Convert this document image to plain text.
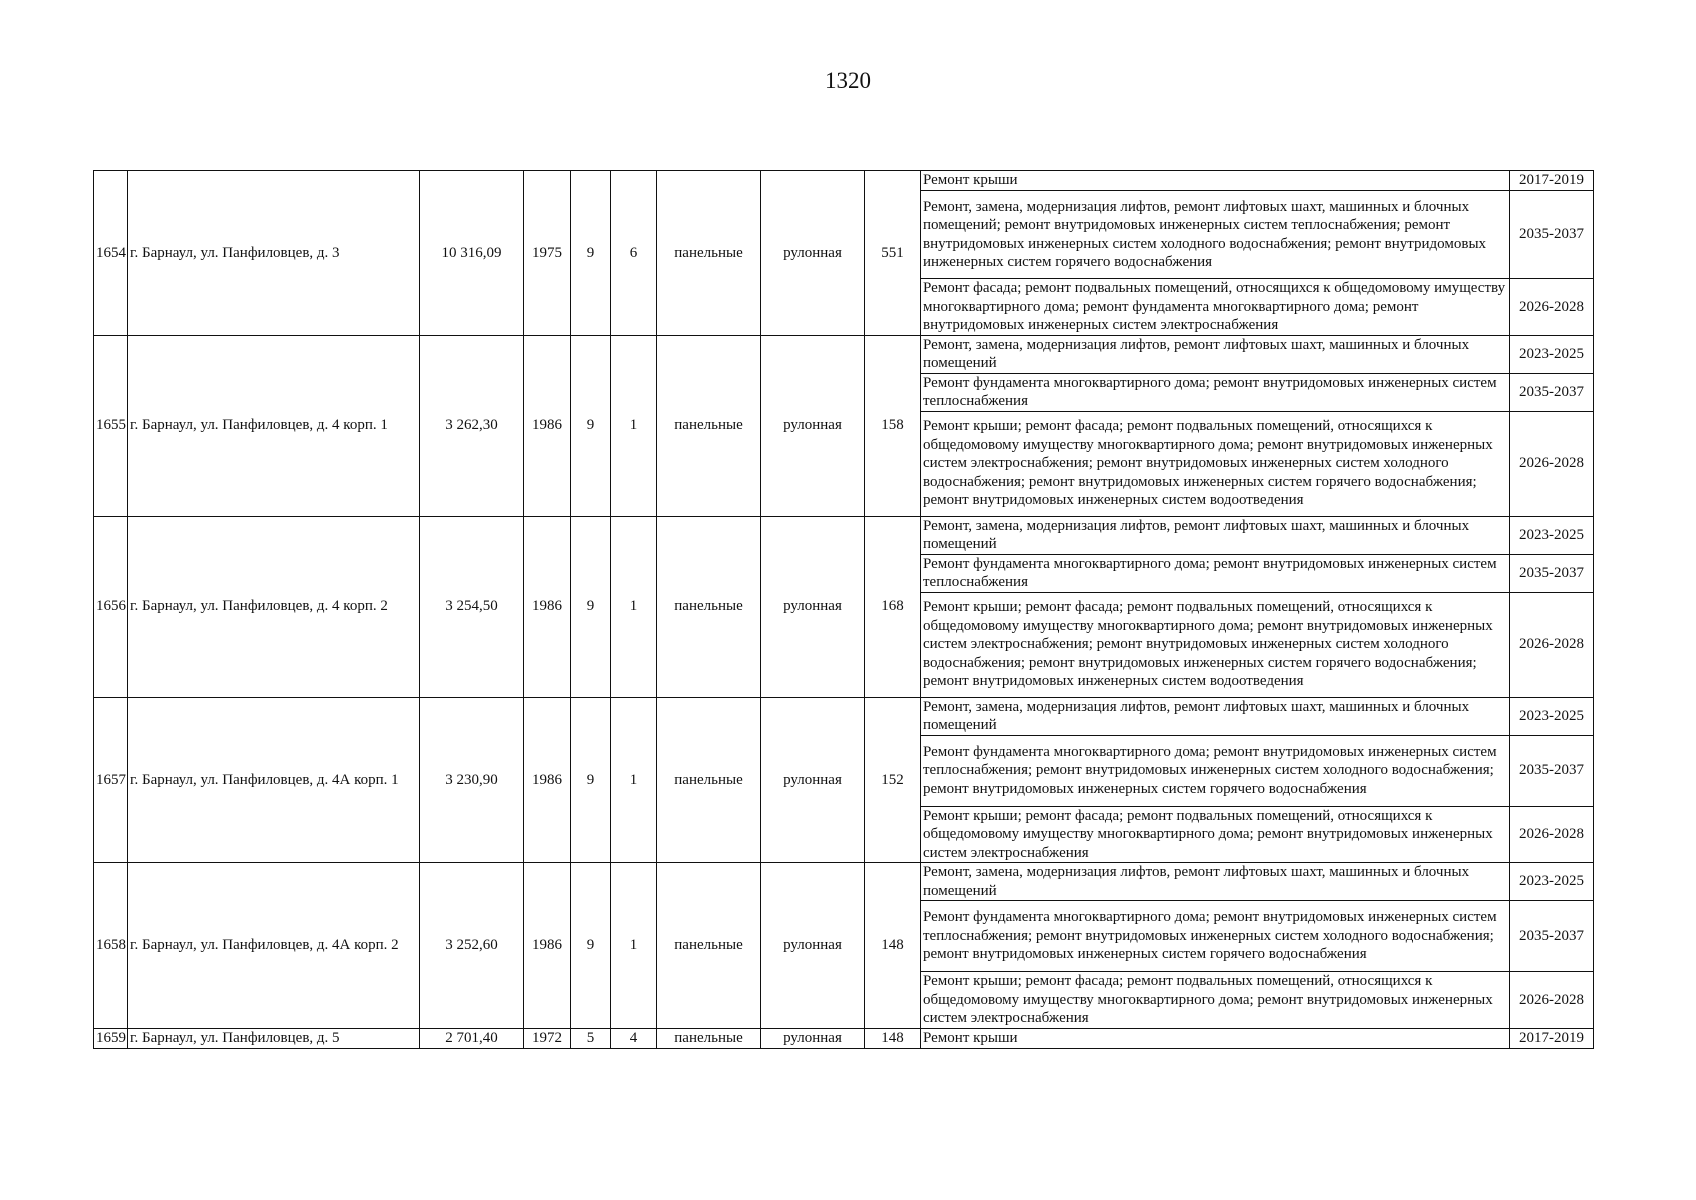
1320
1654	г. Барнаул, ул. Панфиловцев, д. 3	10 316,09	1975	9	6	панельные	рулонная	551	Ремонт крыши	2017-2019
									Ремонт, замена, модернизация лифтов, ремонт лифтовых шахт, машинных и блочных помещений; ремонт внутридомовых инженерных систем теплоснабжения; ремонт внутридомовых инженерных систем холодного водоснабжения; ремонт внутридомовых инженерных систем горячего водоснабжения	2035-2037
									Ремонт фасада; ремонт подвальных помещений, относящихся к общедомовому имуществу многоквартирного дома; ремонт фундамента многоквартирного дома; ремонт внутридомовых инженерных систем электроснабжения	2026-2028
1655	г. Барнаул, ул. Панфиловцев, д. 4 корп. 1	3 262,30	1986	9	1	панельные	рулонная	158	Ремонт, замена, модернизация лифтов, ремонт лифтовых шахт, машинных и блочных помещений	2023-2025
									Ремонт фундамента многоквартирного дома; ремонт внутридомовых инженерных систем теплоснабжения	2035-2037
									Ремонт крыши; ремонт фасада; ремонт подвальных помещений, относящихся к общедомовому имуществу многоквартирного дома; ремонт внутридомовых инженерных систем электроснабжения; ремонт внутридомовых инженерных систем холодного водоснабжения; ремонт внутридомовых инженерных систем горячего водоснабжения; ремонт внутридомовых инженерных систем водоотведения	2026-2028
1656	г. Барнаул, ул. Панфиловцев, д. 4 корп. 2	3 254,50	1986	9	1	панельные	рулонная	168	Ремонт, замена, модернизация лифтов, ремонт лифтовых шахт, машинных и блочных помещений	2023-2025
									Ремонт фундамента многоквартирного дома; ремонт внутридомовых инженерных систем теплоснабжения	2035-2037
									Ремонт крыши; ремонт фасада; ремонт подвальных помещений, относящихся к общедомовому имуществу многоквартирного дома; ремонт внутридомовых инженерных систем электроснабжения; ремонт внутридомовых инженерных систем холодного водоснабжения; ремонт внутридомовых инженерных систем горячего водоснабжения; ремонт внутридомовых инженерных систем водоотведения	2026-2028
1657	г. Барнаул, ул. Панфиловцев, д. 4А корп. 1	3 230,90	1986	9	1	панельные	рулонная	152	Ремонт, замена, модернизация лифтов, ремонт лифтовых шахт, машинных и блочных помещений	2023-2025
									Ремонт фундамента многоквартирного дома; ремонт внутридомовых инженерных систем теплоснабжения; ремонт внутридомовых инженерных систем холодного водоснабжения; ремонт внутридомовых инженерных систем горячего водоснабжения	2035-2037
									Ремонт крыши; ремонт фасада; ремонт подвальных помещений, относящихся к общедомовому имуществу многоквартирного дома; ремонт внутридомовых инженерных систем электроснабжения	2026-2028
1658	г. Барнаул, ул. Панфиловцев, д. 4А корп. 2	3 252,60	1986	9	1	панельные	рулонная	148	Ремонт, замена, модернизация лифтов, ремонт лифтовых шахт, машинных и блочных помещений	2023-2025
									Ремонт фундамента многоквартирного дома; ремонт внутридомовых инженерных систем теплоснабжения; ремонт внутридомовых инженерных систем холодного водоснабжения; ремонт внутридомовых инженерных систем горячего водоснабжения	2035-2037
									Ремонт крыши; ремонт фасада; ремонт подвальных помещений, относящихся к общедомовому имуществу многоквартирного дома; ремонт внутридомовых инженерных систем электроснабжения	2026-2028
1659	г. Барнаул, ул. Панфиловцев, д. 5	2 701,40	1972	5	4	панельные	рулонная	148	Ремонт крыши	2017-2019
